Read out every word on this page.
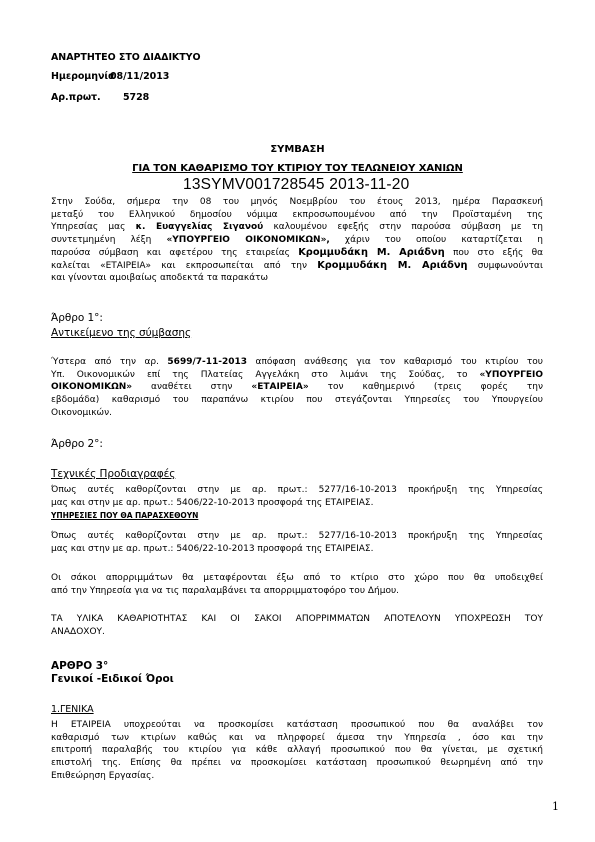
ΑΝΑΡΤΗΤΕΟ ΣΤΟ ΔΙΑΔΙΚΤΥΟ
Ημερομηνία
08/11/2013
Αρ.πρωτ. 5728
ΣΥΜΒΑΣΗ
ΓΙΑ ΤΟΝ ΚΑΘΑΡΙΣΜΟ ΤΟΥ ΚΤΙΡΙΟΥ ΤΟΥ ΤΕΛΩΝΕΙΟΥ ΧΑΝΙΩΝ
13SYMV001728545 2013-11-20
Στην Σούδα, σήμερα την 08 του μηνός Νοεμβρίου του έτους 2013, ημέρα Παρασκευή
μεταξύ του Ελληνικού δημοσίου νόμιμα εκπροσωπουμένου από την Προϊσταμένη της
Υπηρεσίας μας κ. Ευαγγελίας Σιγανού καλουμένου εφεξής στην παρούσα σύμβαση με τη
συντετμημένη λέξη «ΥΠΟΥΡΓΕΙΟ ΟΙΚΟΝΟΜΙΚΩΝ», χάριν του οποίου καταρτίζεται η
παρούσα σύμβαση και αφετέρου της εταιρείας Κρομμυδάκη Μ. Αριάδνη που στο εξής θα
καλείται «ΕΤΑΙΡΕΙΑ» και εκπροσωπείται από την Κρομμυδάκη Μ. Αριάδνη συμφωνούνται
και γίνονται αμοιβαίως αποδεκτά τα παρακάτω
Άρθρο 1°:
Αντικείμενο της σύμβασης
Ύστερα από την αρ. 5699/7-11-2013 απόφαση ανάθεσης για τον καθαρισμό του κτιρίου του
Υπ. Οικονομικών επί της Πλατείας Αγγελάκη στο λιμάνι της Σούδας, το «ΥΠΟΥΡΓΕΙΟ
ΟΙΚΟΝΟΜΙΚΩΝ» αναθέτει στην «ΕΤΑΙΡΕΙΑ» τον καθημερινό (τρεις φορές την
εβδομάδα) καθαρισμό του παραπάνω κτιρίου που στεγάζονται Υπηρεσίες του Υπουργείου
Οικονομικών.
Άρθρο 2°:
Τεχνικές Προδιαγραφές
Όπως αυτές καθορίζονται στην με αρ. πρωτ.: 5277/16-10-2013 προκήρυξη της Υπηρεσίας
μας και στην με αρ. πρωτ.: 5406/22-10-2013 προσφορά της ΕΤΑΙΡΕΙΑΣ.
ΥΠΗΡΕΣΙΕΣ ΠΟΥ ΘΑ ΠΑΡΑΣΧΕΘΟΥΝ
Όπως αυτές καθορίζονται στην με αρ. πρωτ.: 5277/16-10-2013 προκήρυξη της Υπηρεσίας
μας και στην με αρ. πρωτ.: 5406/22-10-2013 προσφορά της ΕΤΑΙΡΕΙΑΣ.
Οι σάκοι απορριμμάτων θα μεταφέρονται έξω από το κτίριο στο χώρο που θα υποδειχθεί
από την Υπηρεσία για να τις παραλαμβάνει τα απορριμματοφόρο του Δήμου.
ΤΑ ΥΛΙΚΑ ΚΑΘΑΡΙΟΤΗΤΑΣ ΚΑΙ ΟΙ ΣΑΚΟΙ ΑΠΟΡΡΙΜΜΑΤΩΝ ΑΠΟΤΕΛΟΥΝ ΥΠΟΧΡΕΩΣΗ ΤΟΥ
ΑΝΑΔΟΧΟΥ.
ΑΡΘΡΟ 3°
Γενικοί -Ειδικοί Όροι
1.ΓΕΝΙΚΑ
Η ΕΤΑΙΡΕΙΑ υποχρεούται να προσκομίσει κατάσταση προσωπικού που θα αναλάβει τον
καθαρισμό των κτιρίων καθώς και να πληρφορεί άμεσα την Υπηρεσία , όσο και την
επιτροπή παραλαβής του κτιρίου για κάθε αλλαγή προσωπικού που θα γίνεται, με σχετική
επιστολή της. Επίσης θα πρέπει να προσκομίσει κατάσταση προσωπικού θεωρημένη από την
Επιθεώρηση Εργασίας.
1
